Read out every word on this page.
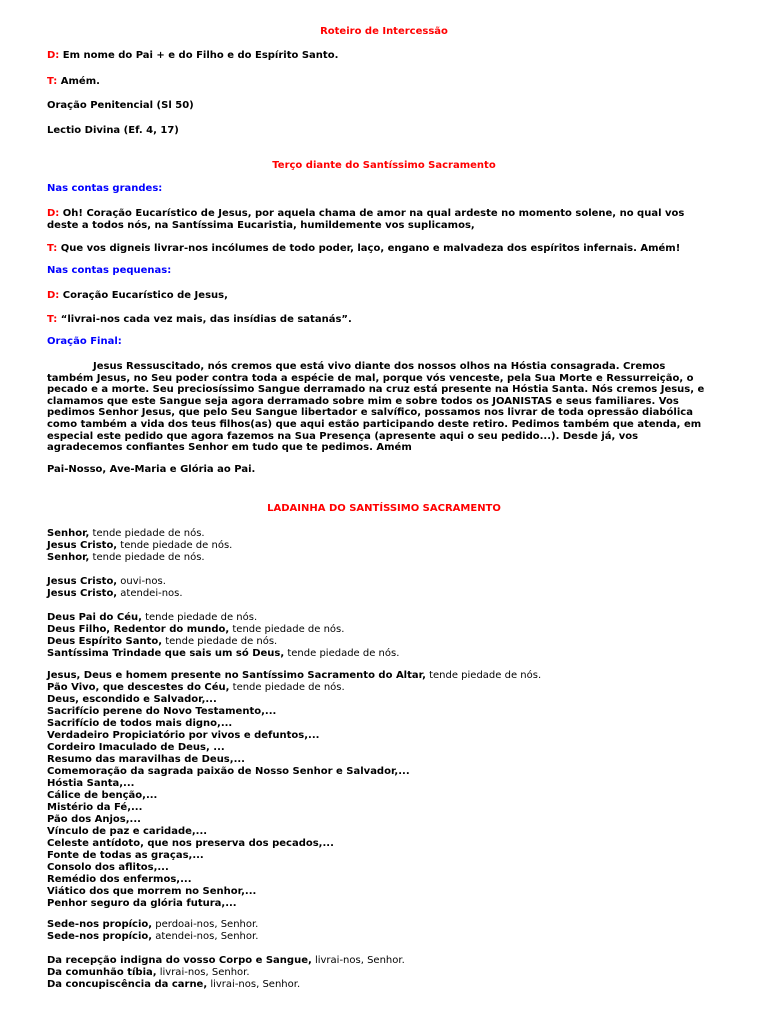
Roteiro de Intercessão
D: Em nome do Pai + e do Filho e do Espírito Santo.
T: Amém.
Oração Penitencial (Sl 50)
Lectio Divina (Ef. 4, 17)
Terço diante do Santíssimo Sacramento
Nas contas grandes:
D: Oh! Coração Eucarístico de Jesus, por aquela chama de amor na qual ardeste no momento solene, no qual vos
deste a todos nós, na Santíssima Eucaristia, humildemente vos suplicamos,
T: Que vos digneis livrar-nos incólumes de todo poder, laço, engano e malvadeza dos espíritos infernais. Amém!
Nas contas pequenas:
D: Coração Eucarístico de Jesus,
T: “livrai-nos cada vez mais, das insídias de satanás”.
Oração Final:
Jesus Ressuscitado, nós cremos que está vivo diante dos nossos olhos na Hóstia consagrada. Cremos
também Jesus, no Seu poder contra toda a espécie de mal, porque vós venceste, pela Sua Morte e Ressurreição, o
pecado e a morte. Seu preciosíssimo Sangue derramado na cruz está presente na Hóstia Santa. Nós cremos Jesus, e
clamamos que este Sangue seja agora derramado sobre mim e sobre todos os JOANISTAS e seus familiares. Vos
pedimos Senhor Jesus, que pelo Seu Sangue libertador e salvífico, possamos nos livrar de toda opressão diabólica
como também a vida dos teus filhos(as) que aqui estão participando deste retiro. Pedimos também que atenda, em
especial este pedido que agora fazemos na Sua Presença (apresente aqui o seu pedido...). Desde já, vos
agradecemos confiantes Senhor em tudo que te pedimos. Amém
Pai-Nosso, Ave-Maria e Glória ao Pai.
LADAINHA DO SANTÍSSIMO SACRAMENTO
Senhor, tende piedade de nós.
Jesus Cristo, tende piedade de nós.
Senhor, tende piedade de nós.
Jesus Cristo, ouvi-nos.
Jesus Cristo, atendei-nos.
Deus Pai do Céu, tende piedade de nós.
Deus Filho, Redentor do mundo, tende piedade de nós.
Deus Espírito Santo, tende piedade de nós.
Santíssima Trindade que sais um só Deus, tende piedade de nós.
Jesus, Deus e homem presente no Santíssimo Sacramento do Altar, tende piedade de nós.
Pão Vivo, que descestes do Céu, tende piedade de nós.
Deus, escondido e Salvador,...
Sacrifício perene do Novo Testamento,...
Sacrifício de todos mais digno,...
Verdadeiro Propiciatório por vivos e defuntos,...
Cordeiro Imaculado de Deus, ...
Resumo das maravilhas de Deus,...
Comemoração da sagrada paixão de Nosso Senhor e Salvador,...
Hóstia Santa,...
Cálice de benção,...
Mistério da Fé,...
Pão dos Anjos,...
Vínculo de paz e caridade,...
Celeste antídoto, que nos preserva dos pecados,...
Fonte de todas as graças,...
Consolo dos aflitos,...
Remédio dos enfermos,...
Viático dos que morrem no Senhor,...
Penhor seguro da glória futura,...
Sede-nos propício, perdoai-nos, Senhor.
Sede-nos propício, atendei-nos, Senhor.
Da recepção indigna do vosso Corpo e Sangue, livrai-nos, Senhor.
Da comunhão tíbia, livrai-nos, Senhor.
Da concupiscência da carne, livrai-nos, Senhor.
